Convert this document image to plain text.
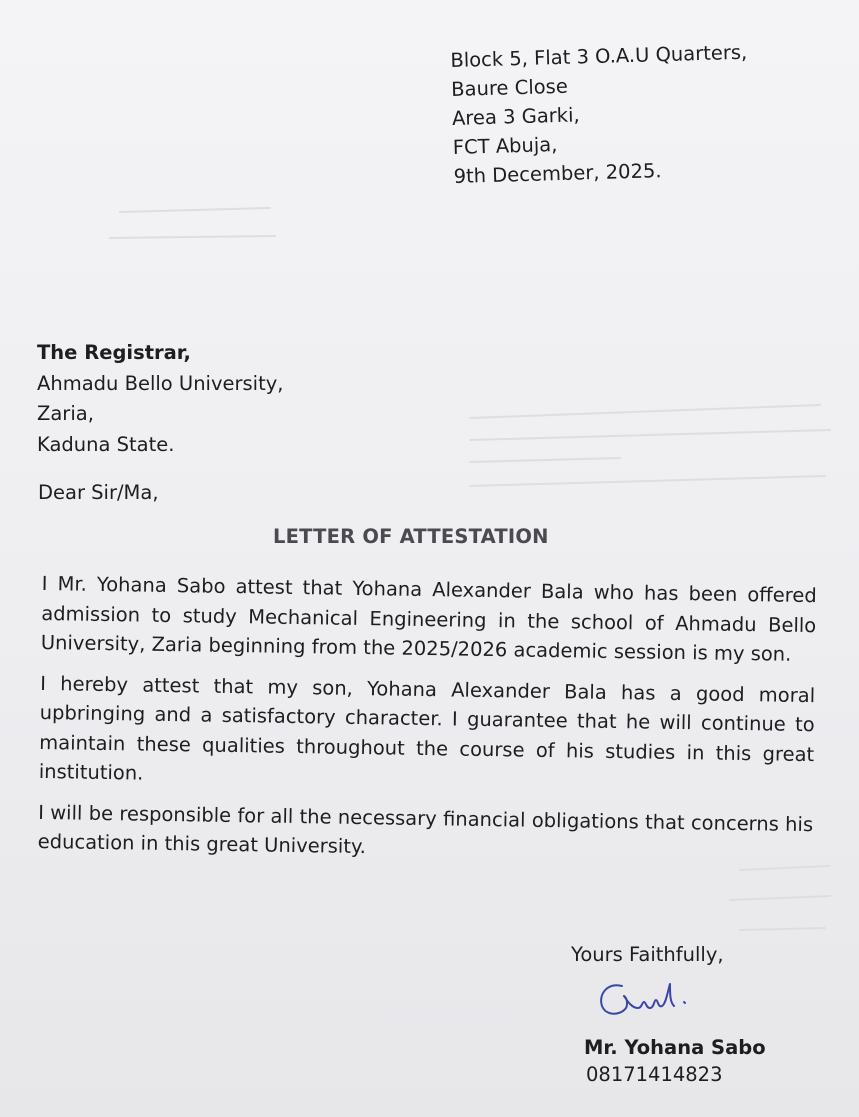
Block 5, Flat 3 O.A.U Quarters,
Baure Close
Area 3 Garki,
FCT Abuja,
9th December, 2025.
The Registrar,
Ahmadu Bello University,
Zaria,
Kaduna State.
Dear Sir/Ma,
LETTER OF ATTESTATION

I Mr. Yohana Sabo attest that Yohana Alexander Bala who has been offered admission to study Mechanical Engineering in the school of Ahmadu Bello University, Zaria beginning from the 2025/2026 academic session is my son.

I hereby attest that my son, Yohana Alexander Bala has a good moral upbringing and a satisfactory character. I guarantee that he will continue to maintain these qualities throughout the course of his studies in this great institution.

I will be responsible for all the necessary financial obligations that concerns his education in this great University.

Yours Faithfully,
Mr. Yohana Sabo
08171414823
